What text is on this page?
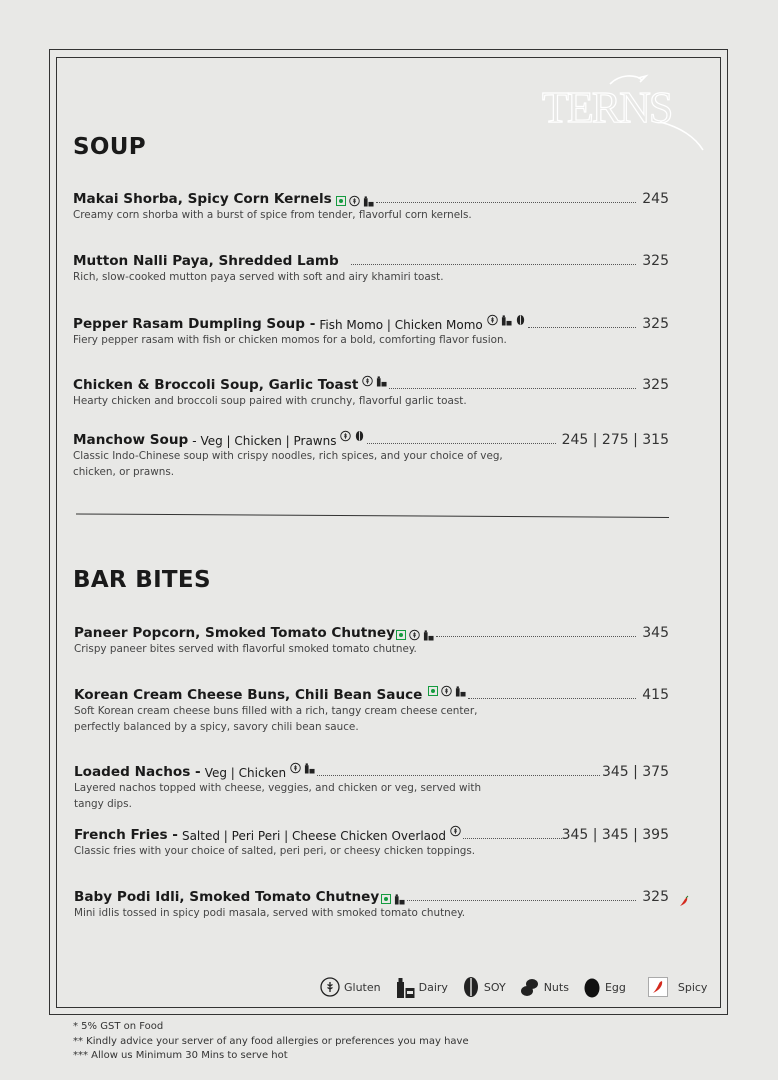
TERNS
SOUP
Makai Shorba, Spicy Corn Kernels	245
Creamy corn shorba with a burst of spice from tender, flavorful corn kernels.
Mutton Nalli Paya, Shredded Lamb	325
Rich, slow-cooked mutton paya served with soft and airy khamiri toast.
Pepper Rasam Dumpling Soup - Fish Momo | Chicken Momo	325
Fiery pepper rasam with fish or chicken momos for a bold, comforting flavor fusion.
Chicken & Broccoli Soup, Garlic Toast	325
Hearty chicken and broccoli soup paired with crunchy, flavorful garlic toast.
Manchow Soup - Veg | Chicken | Prawns	245 | 275 | 315
Classic Indo-Chinese soup with crispy noodles, rich spices, and your choice of veg, chicken, or prawns.
BAR BITES
Paneer Popcorn, Smoked Tomato Chutney	345
Crispy paneer bites served with flavorful smoked tomato chutney.
Korean Cream Cheese Buns, Chili Bean Sauce	415
Soft Korean cream cheese buns filled with a rich, tangy cream cheese center, perfectly balanced by a spicy, savory chili bean sauce.
Loaded Nachos - Veg | Chicken	345 | 375
Layered nachos topped with cheese, veggies, and chicken or veg, served with tangy dips.
French Fries - Salted | Peri Peri | Cheese Chicken Overlaod	345 | 345 | 395
Classic fries with your choice of salted, peri peri, or cheesy chicken toppings.
Baby Podi Idli, Smoked Tomato Chutney	325
Mini idlis tossed in spicy podi masala, served with smoked tomato chutney.
Gluten	Dairy	SOY	Nuts	Egg	Spicy
* 5% GST on Food
** Kindly advice your server of any food allergies or preferences you may have
*** Allow us Minimum 30 Mins to serve hot
